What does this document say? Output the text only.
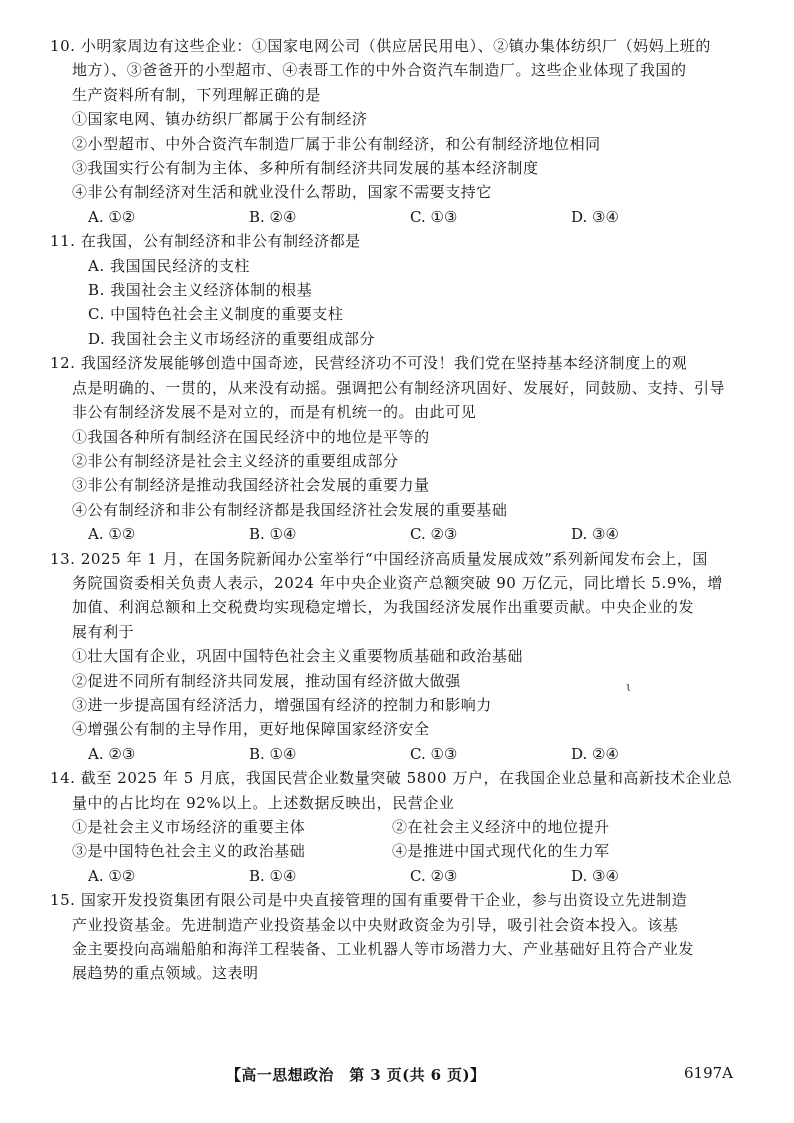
10. 小明家周边有这些企业：①国家电网公司（供应居民用电）、②镇办集体纺织厂（妈妈上班的
地方）、③爸爸开的小型超市、④表哥工作的中外合资汽车制造厂。这些企业体现了我国的
生产资料所有制，下列理解正确的是
①国家电网、镇办纺织厂都属于公有制经济
②小型超市、中外合资汽车制造厂属于非公有制经济，和公有制经济地位相同
③我国实行公有制为主体、多种所有制经济共同发展的基本经济制度
④非公有制经济对生活和就业没什么帮助，国家不需要支持它
A. ①②	B. ②④	C. ①③	D. ③④
11. 在我国，公有制经济和非公有制经济都是
A. 我国国民经济的支柱
B. 我国社会主义经济体制的根基
C. 中国特色社会主义制度的重要支柱
D. 我国社会主义市场经济的重要组成部分
12. 我国经济发展能够创造中国奇迹，民营经济功不可没！我们党在坚持基本经济制度上的观
点是明确的、一贯的，从来没有动摇。强调把公有制经济巩固好、发展好，同鼓励、支持、引导
非公有制经济发展不是对立的，而是有机统一的。由此可见
①我国各种所有制经济在国民经济中的地位是平等的
②非公有制经济是社会主义经济的重要组成部分
③非公有制经济是推动我国经济社会发展的重要力量
④公有制经济和非公有制经济都是我国经济社会发展的重要基础
A. ①②	B. ①④	C. ②③	D. ③④
13. 2025 年 1 月，在国务院新闻办公室举行“中国经济高质量发展成效”系列新闻发布会上，国
务院国资委相关负责人表示，2024 年中央企业资产总额突破 90 万亿元，同比增长 5.9%，增
加值、利润总额和上交税费均实现稳定增长，为我国经济发展作出重要贡献。中央企业的发
展有利于
①壮大国有企业，巩固中国特色社会主义重要物质基础和政治基础
②促进不同所有制经济共同发展，推动国有经济做大做强
③进一步提高国有经济活力，增强国有经济的控制力和影响力
④增强公有制的主导作用，更好地保障国家经济安全
A. ②③	B. ①④	C. ①③	D. ②④
14. 截至 2025 年 5 月底，我国民营企业数量突破 5800 万户，在我国企业总量和高新技术企业总
量中的占比均在 92%以上。上述数据反映出，民营企业
①是社会主义市场经济的重要主体	②在社会主义经济中的地位提升
③是中国特色社会主义的政治基础	④是推进中国式现代化的生力军
A. ①②	B. ①④	C. ②③	D. ③④
15. 国家开发投资集团有限公司是中央直接管理的国有重要骨干企业，参与出资设立先进制造
产业投资基金。先进制造产业投资基金以中央财政资金为引导，吸引社会资本投入。该基
金主要投向高端船舶和海洋工程装备、工业机器人等市场潜力大、产业基础好且符合产业发
展趋势的重点领域。这表明
ι
【高一思想政治　第 3 页(共 6 页)】	6197A
